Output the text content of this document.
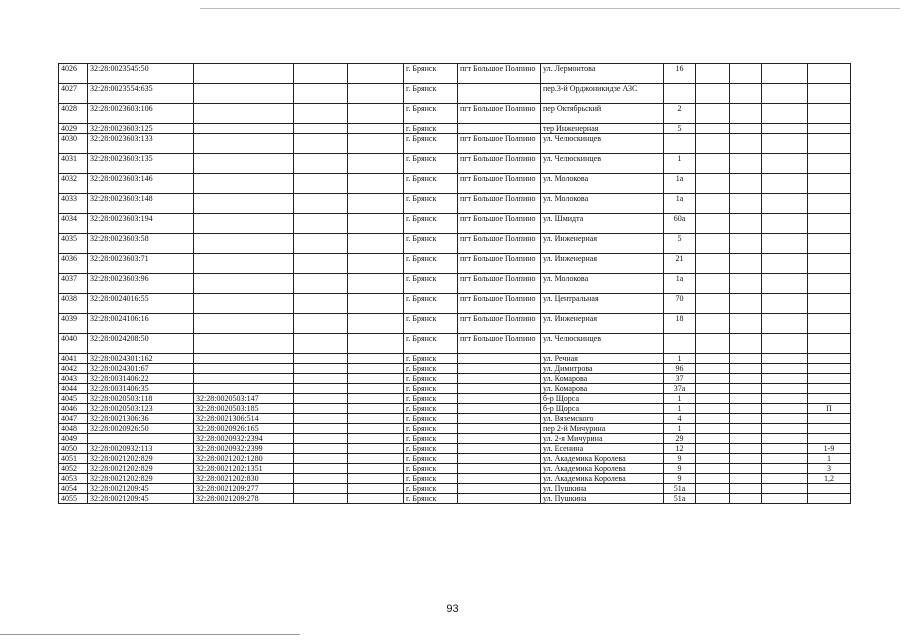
4026	32:28:0023545:50				г. Брянск	пгт Большое Полпино	ул. Лермонтова	16				
4027	32:28:0023554:635				г. Брянск		пер.3-й Орджоникидзе АЗС					
4028	32:28:0023603:106				г. Брянск	пгт Большое Полпино	пер Октябрьский	2				
4029	32:28:0023603:125				г. Брянск		тер Инженерная	5				
4030	32:28:0023603:133				г. Брянск	пгт Большое Полпино	ул. Челюскинцев					
4031	32:28:0023603:135				г. Брянск	пгт Большое Полпино	ул. Челюскинцев	1				
4032	32:28:0023603:146				г. Брянск	пгт Большое Полпино	ул. Молокова	1а				
4033	32:28:0023603:148				г. Брянск	пгт Большое Полпино	ул. Молокова	1а				
4034	32:28:0023603:194				г. Брянск	пгт Большое Полпино	ул. Шмидта	60а				
4035	32:28:0023603:58				г. Брянск	пгт Большое Полпино	ул. Инженерная	5				
4036	32:28:0023603:71				г. Брянск	пгт Большое Полпино	ул. Инженерная	21				
4037	32:28:0023603:96				г. Брянск	пгт Большое Полпино	ул. Молокова	1а				
4038	32:28:0024016:55				г. Брянск	пгт Большое Полпино	ул. Центральная	70				
4039	32:28:0024106:16				г. Брянск	пгт Большое Полпино	ул. Инженерная	18				
4040	32:28:0024208:50				г. Брянск	пгт Большое Полпино	ул. Челюскинцев					
4041	32:28:0024301:162				г. Брянск		ул. Речная	1				
4042	32:28:0024301:67				г. Брянск		ул. Димитрова	96				
4043	32:28:0031406:22				г. Брянск		ул. Комарова	37				
4044	32:28:0031406:35				г. Брянск		ул. Комарова	37а				
4045	32:28:0020503:118	32:28:0020503:147			г. Брянск		б-р Щорса	1				
4046	32:28:0020503:123	32:28:0020503:185			г. Брянск		б-р Щорса	1				П
4047	32:28:0021306:36	32:28:0021306:514			г. Брянск		ул. Вяземского	4				
4048	32:28:0020926:50	32:28:0020926:165			г. Брянск		пер 2-й Мичурина	1				
4049		32:28:0020932:2394			г. Брянск		ул. 2-я Мичурина	29				
4050	32:28:0020932:113	32:28:0020932:2399			г. Брянск		ул. Есенина	12				1-9
4051	32:28:0021202:829	32:28:0021202:1280			г. Брянск		ул. Академика Королева	9				1
4052	32:28:0021202:829	32:28:0021202:1351			г. Брянск		ул. Академика Королева	9				3
4053	32:28:0021202:829	32:28:0021202:830			г. Брянск		ул. Академика Королева	9				1,2
4054	32:28:0021209:45	32:28:0021209:277			г. Брянск		ул. Пушкина	51а				
4055	32:28:0021209:45	32:28:0021209:278			г. Брянск		ул. Пушкина	51а				
93
